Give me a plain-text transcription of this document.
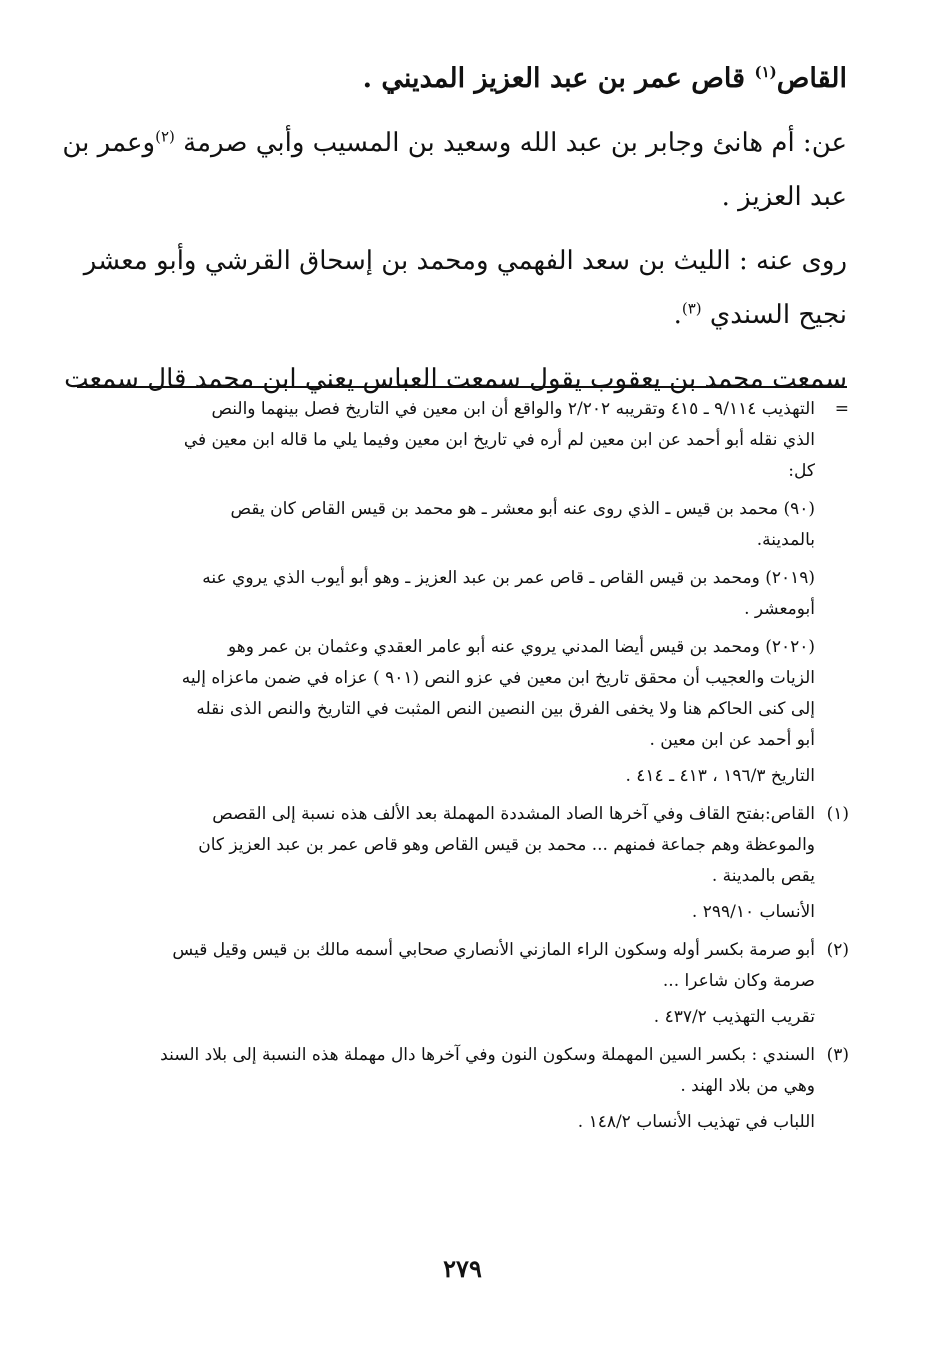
القاص$^{(١)}$ قاص عمر بن عبد العزيز المديني .
عن: أم هانئ وجابر بن عبد الله وسعيد بن المسيب وأبي صرمة $^{(٢)}$وعمر بن
عبد العزيز .
روى عنه : الليث بن سعد الفهمي ومحمد بن إسحاق القرشي وأبو معشر
نجيح السندي $^{(٣)}$.
سمعت محمد بن يعقوب يقول سمعت العباس يعني ابن محمد قال سمعت
=
التهذيب ٩/١١٤ ـ ٤١٥ وتقريبه ٢/٢٠٢ والواقع أن ابن معين في التاريخ فصل بينهما والنص
الذي نقله أبو أحمد عن ابن معين لم أره في تاريخ ابن معين وفيما يلي ما قاله ابن معين في
كل:
(٩٠) محمد بن قيس ـ الذي روى عنه أبو معشر ـ هو محمد بن قيس القاص كان يقص
بالمدينة.
(٢٠١٩) ومحمد بن قيس القاص ـ قاص عمر بن عبد العزيز ـ وهو أبو أيوب الذي يروي عنه
أبومعشر .
(٢٠٢٠) ومحمد بن قيس أيضا المدني يروي عنه أبو عامر العقدي وعثمان بن عمر وهو
الزيات والعجيب أن محقق تاريخ ابن معين في عزو النص (٩٠١ ) عزاه في ضمن ماعزاه إليه
إلى كنى الحاكم هنا ولا يخفى الفرق بين النصين النص المثبت في التاريخ والنص الذى نقله
أبو أحمد عن ابن معين .
التاريخ ١٩٦/٣ ، ٤١٣ ـ ٤١٤ .
(١)
القاص:بفتح القاف وفي آخرها الصاد المشددة المهملة بعد الألف هذه نسبة إلى القصص
والموعظة وهم جماعة فمنهم ... محمد بن قيس القاص وهو قاص عمر بن عبد العزيز كان
يقص بالمدينة .
الأنساب ٢٩٩/١٠ .
(٢)
أبو صرمة بكسر أوله وسكون الراء المازني الأنصاري صحابي أسمه مالك بن قيس وقيل قيس
صرمة وكان شاعرا ...
تقريب التهذيب ٤٣٧/٢ .
(٣)
السندي : بكسر السين المهملة وسكون النون وفي آخرها دال مهملة هذه النسبة إلى بلاد السند
وهي من بلاد الهند .
اللباب في تهذيب الأنساب ١٤٨/٢ .
٢٧٩
